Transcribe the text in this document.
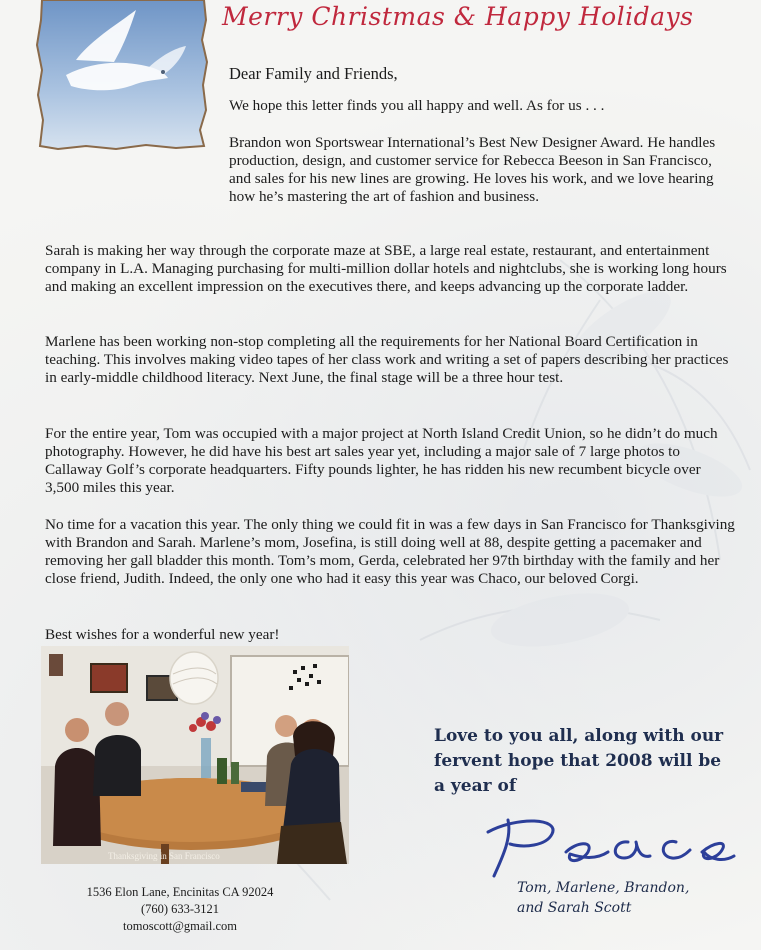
Merry Christmas & Happy Holidays
Dear Family and Friends,

We hope this letter finds you all happy and well. As for us . . .

Brandon won Sportswear International’s Best New Designer Award. He handles production, design, and customer service for Rebecca Beeson in San Francisco, and sales for his new lines are growing. He loves his work, and we love hearing how he’s mastering the art of fashion and business.

Sarah is making her way through the corporate maze at SBE, a large real estate, restaurant, and entertainment company in L.A. Managing purchasing for multi-million dollar hotels and nightclubs, she is working long hours and making an excellent impression on the executives there, and keeps advancing up the corporate ladder.

Marlene has been working non-stop completing all the requirements for her National Board Certification in teaching. This involves making video tapes of her class work and writing a set of papers describing her practices in early-middle childhood literacy. Next June, the final stage will be a three hour test.

For the entire year, Tom was occupied with a major project at North Island Credit Union, so he didn’t do much photography. However, he did have his best art sales year yet, including a major sale of 7 large photos to Callaway Golf’s corporate headquarters. Fifty pounds lighter, he has ridden his new recumbent bicycle over 3,500 miles this year.

No time for a vacation this year. The only thing we could fit in was a few days in San Francisco for Thanksgiving with Brandon and Sarah. Marlene’s mom, Josefina, is still doing well at 88, despite getting a pacemaker and removing her gall bladder this month. Tom’s mom, Gerda, celebrated her 97th birthday with the family and her close friend, Judith. Indeed, the only one who had it easy this year was Chaco, our beloved Corgi.

Best wishes for a wonderful new year!

Thanksgiving in San Francisco
1536 Elon Lane, Encinitas CA 92024
(760) 633-3121
tomoscott@gmail.com
Love to you all, along with our fervent hope that 2008 will be a year of
Tom, Marlene, Brandon,
and Sarah Scott
